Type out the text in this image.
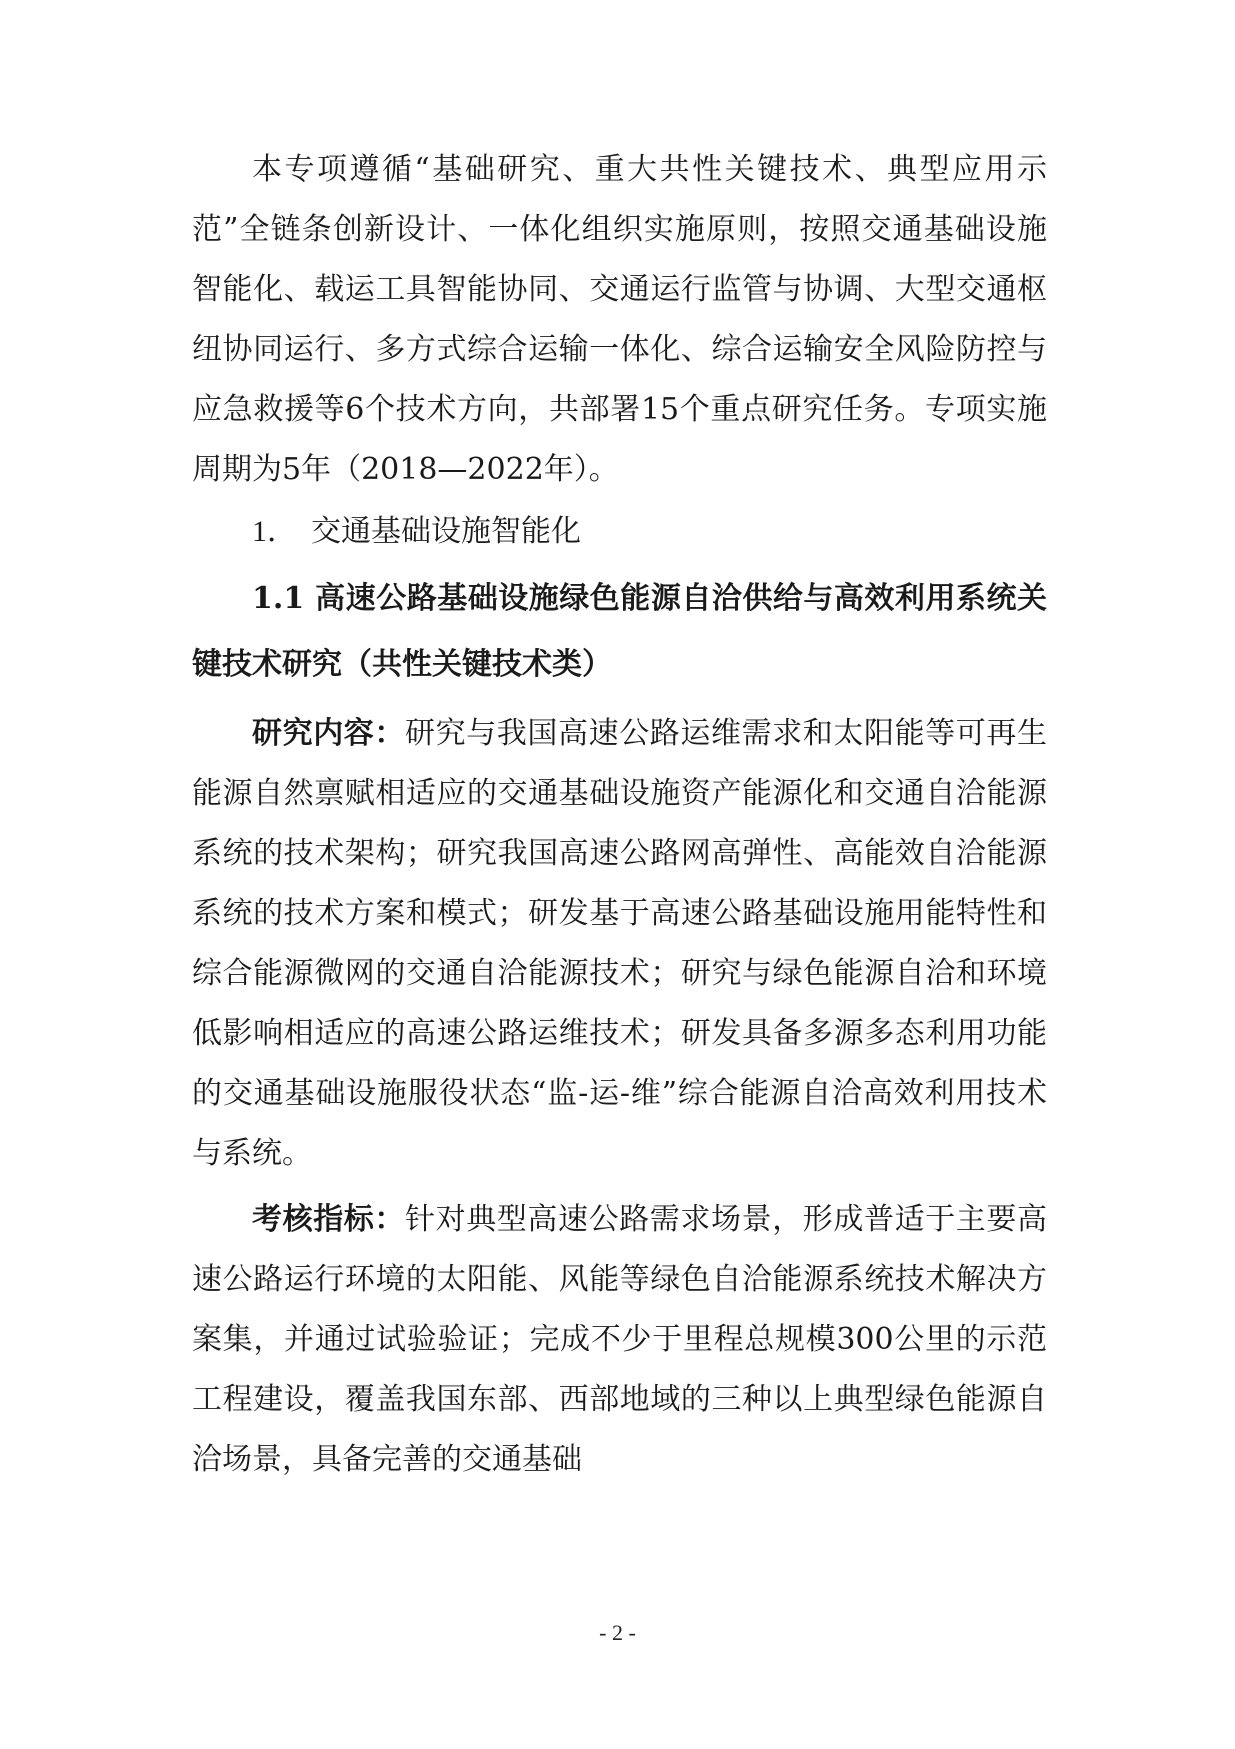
本专项遵循“基础研究、重大共性关键技术、典型应用示范”全链条创新设计、一体化组织实施原则，按照交通基础设施智能化、载运工具智能协同、交通运行监管与协调、大型交通枢纽协同运行、多方式综合运输一体化、综合运输安全风险防控与应急救援等6个技术方向，共部署15个重点研究任务。专项实施周期为5年（2018—2022年）。

1． 交通基础设施智能化

1.1 高速公路基础设施绿色能源自洽供给与高效利用系统关键技术研究（共性关键技术类）

研究内容：研究与我国高速公路运维需求和太阳能等可再生能源自然禀赋相适应的交通基础设施资产能源化和交通自洽能源系统的技术架构；研究我国高速公路网高弹性、高能效自洽能源系统的技术方案和模式；研发基于高速公路基础设施用能特性和综合能源微网的交通自洽能源技术；研究与绿色能源自洽和环境低影响相适应的高速公路运维技术；研发具备多源多态利用功能的交通基础设施服役状态“监-运-维”综合能源自洽高效利用技术与系统。

考核指标：针对典型高速公路需求场景，形成普适于主要高速公路运行环境的太阳能、风能等绿色自洽能源系统技术解决方案集，并通过试验验证；完成不少于里程总规模300公里的示范工程建设，覆盖我国东部、西部地域的三种以上典型绿色能源自洽场景，具备完善的交通基础

- 2 -
